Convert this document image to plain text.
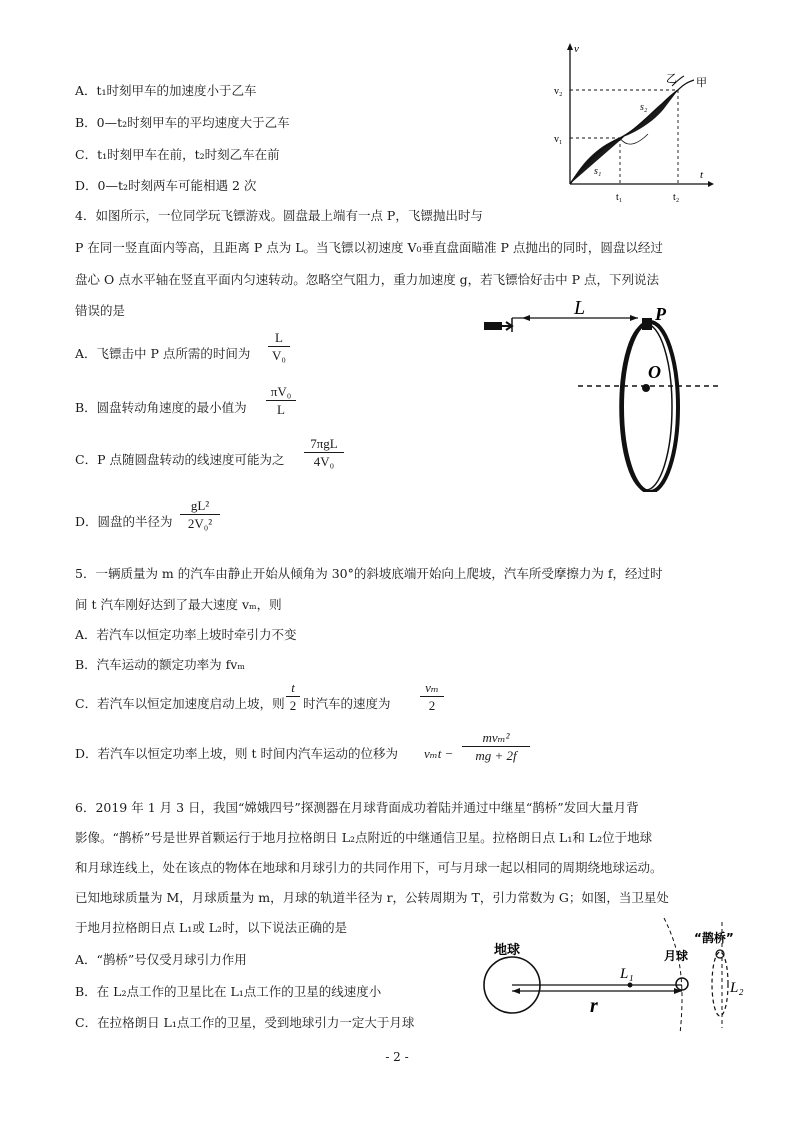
A．t₁时刻甲车的加速度小于乙车
B．0—t₂时刻甲车的平均速度大于乙车
C．t₁时刻甲车在前，t₂时刻乙车在前
D．0—t₂时刻两车可能相遇 2 次
v
t
v₂
v₁
t₁	t₂
s₁
s₂
乙 甲
4．如图所示，一位同学玩飞镖游戏。圆盘最上端有一点 P，飞镖抛出时与
P 在同一竖直面内等高，且距离 P 点为 L。当飞镖以初速度 V₀垂直盘面瞄准 P 点抛出的同时，圆盘以经过
盘心 O 点水平轴在竖直平面内匀速转动。忽略空气阻力，重力加速度 g，若飞镖恰好击中 P 点，下列说法
错误的是
A．飞镖击中 P 点所需的时间为
L
V₀
B．圆盘转动角速度的最小值为
πV₀
L
C．P 点随圆盘转动的线速度可能为之
7πgL
4V₀
D．圆盘的半径为
gL²
2V₀²
L	P
O
5．一辆质量为 m 的汽车由静止开始从倾角为 30°的斜坡底端开始向上爬坡，汽车所受摩擦力为 f，经过时
间 t 汽车刚好达到了最大速度 vₘ，则
A．若汽车以恒定功率上坡时牵引力不变
B．汽车运动的额定功率为 fvₘ
C．若汽车以恒定加速度启动上坡，则
t
2 时汽车的速度为
vₘ
2
D．若汽车以恒定功率上坡，则 t 时间内汽车运动的位移为 vₘt −
mvₘ²
mg + 2f
6．2019 年 1 月 3 日，我国“嫦娥四号”探测器在月球背面成功着陆并通过中继星“鹊桥”发回大量月背
影像。“鹊桥”号是世界首颗运行于地月拉格朗日 L₂点附近的中继通信卫星。拉格朗日点 L₁和 L₂位于地球
和月球连线上，处在该点的物体在地球和月球引力的共同作用下，可与月球一起以相同的周期绕地球运动。
已知地球质量为 M，月球质量为 m，月球的轨道半径为 r，公转周期为 T，引力常数为 G；如图，当卫星处
于地月拉格朗日点 L₁或 L₂时，以下说法正确的是
A．“鹊桥”号仅受月球引力作用
B．在 L₂点工作的卫星比在 L₁点工作的卫星的线速度小
C．在拉格朗日 L₁点工作的卫星，受到地球引力一定大于月球
地球
r
L₁
月球
“鹊桥”
L₂
- 2 -
